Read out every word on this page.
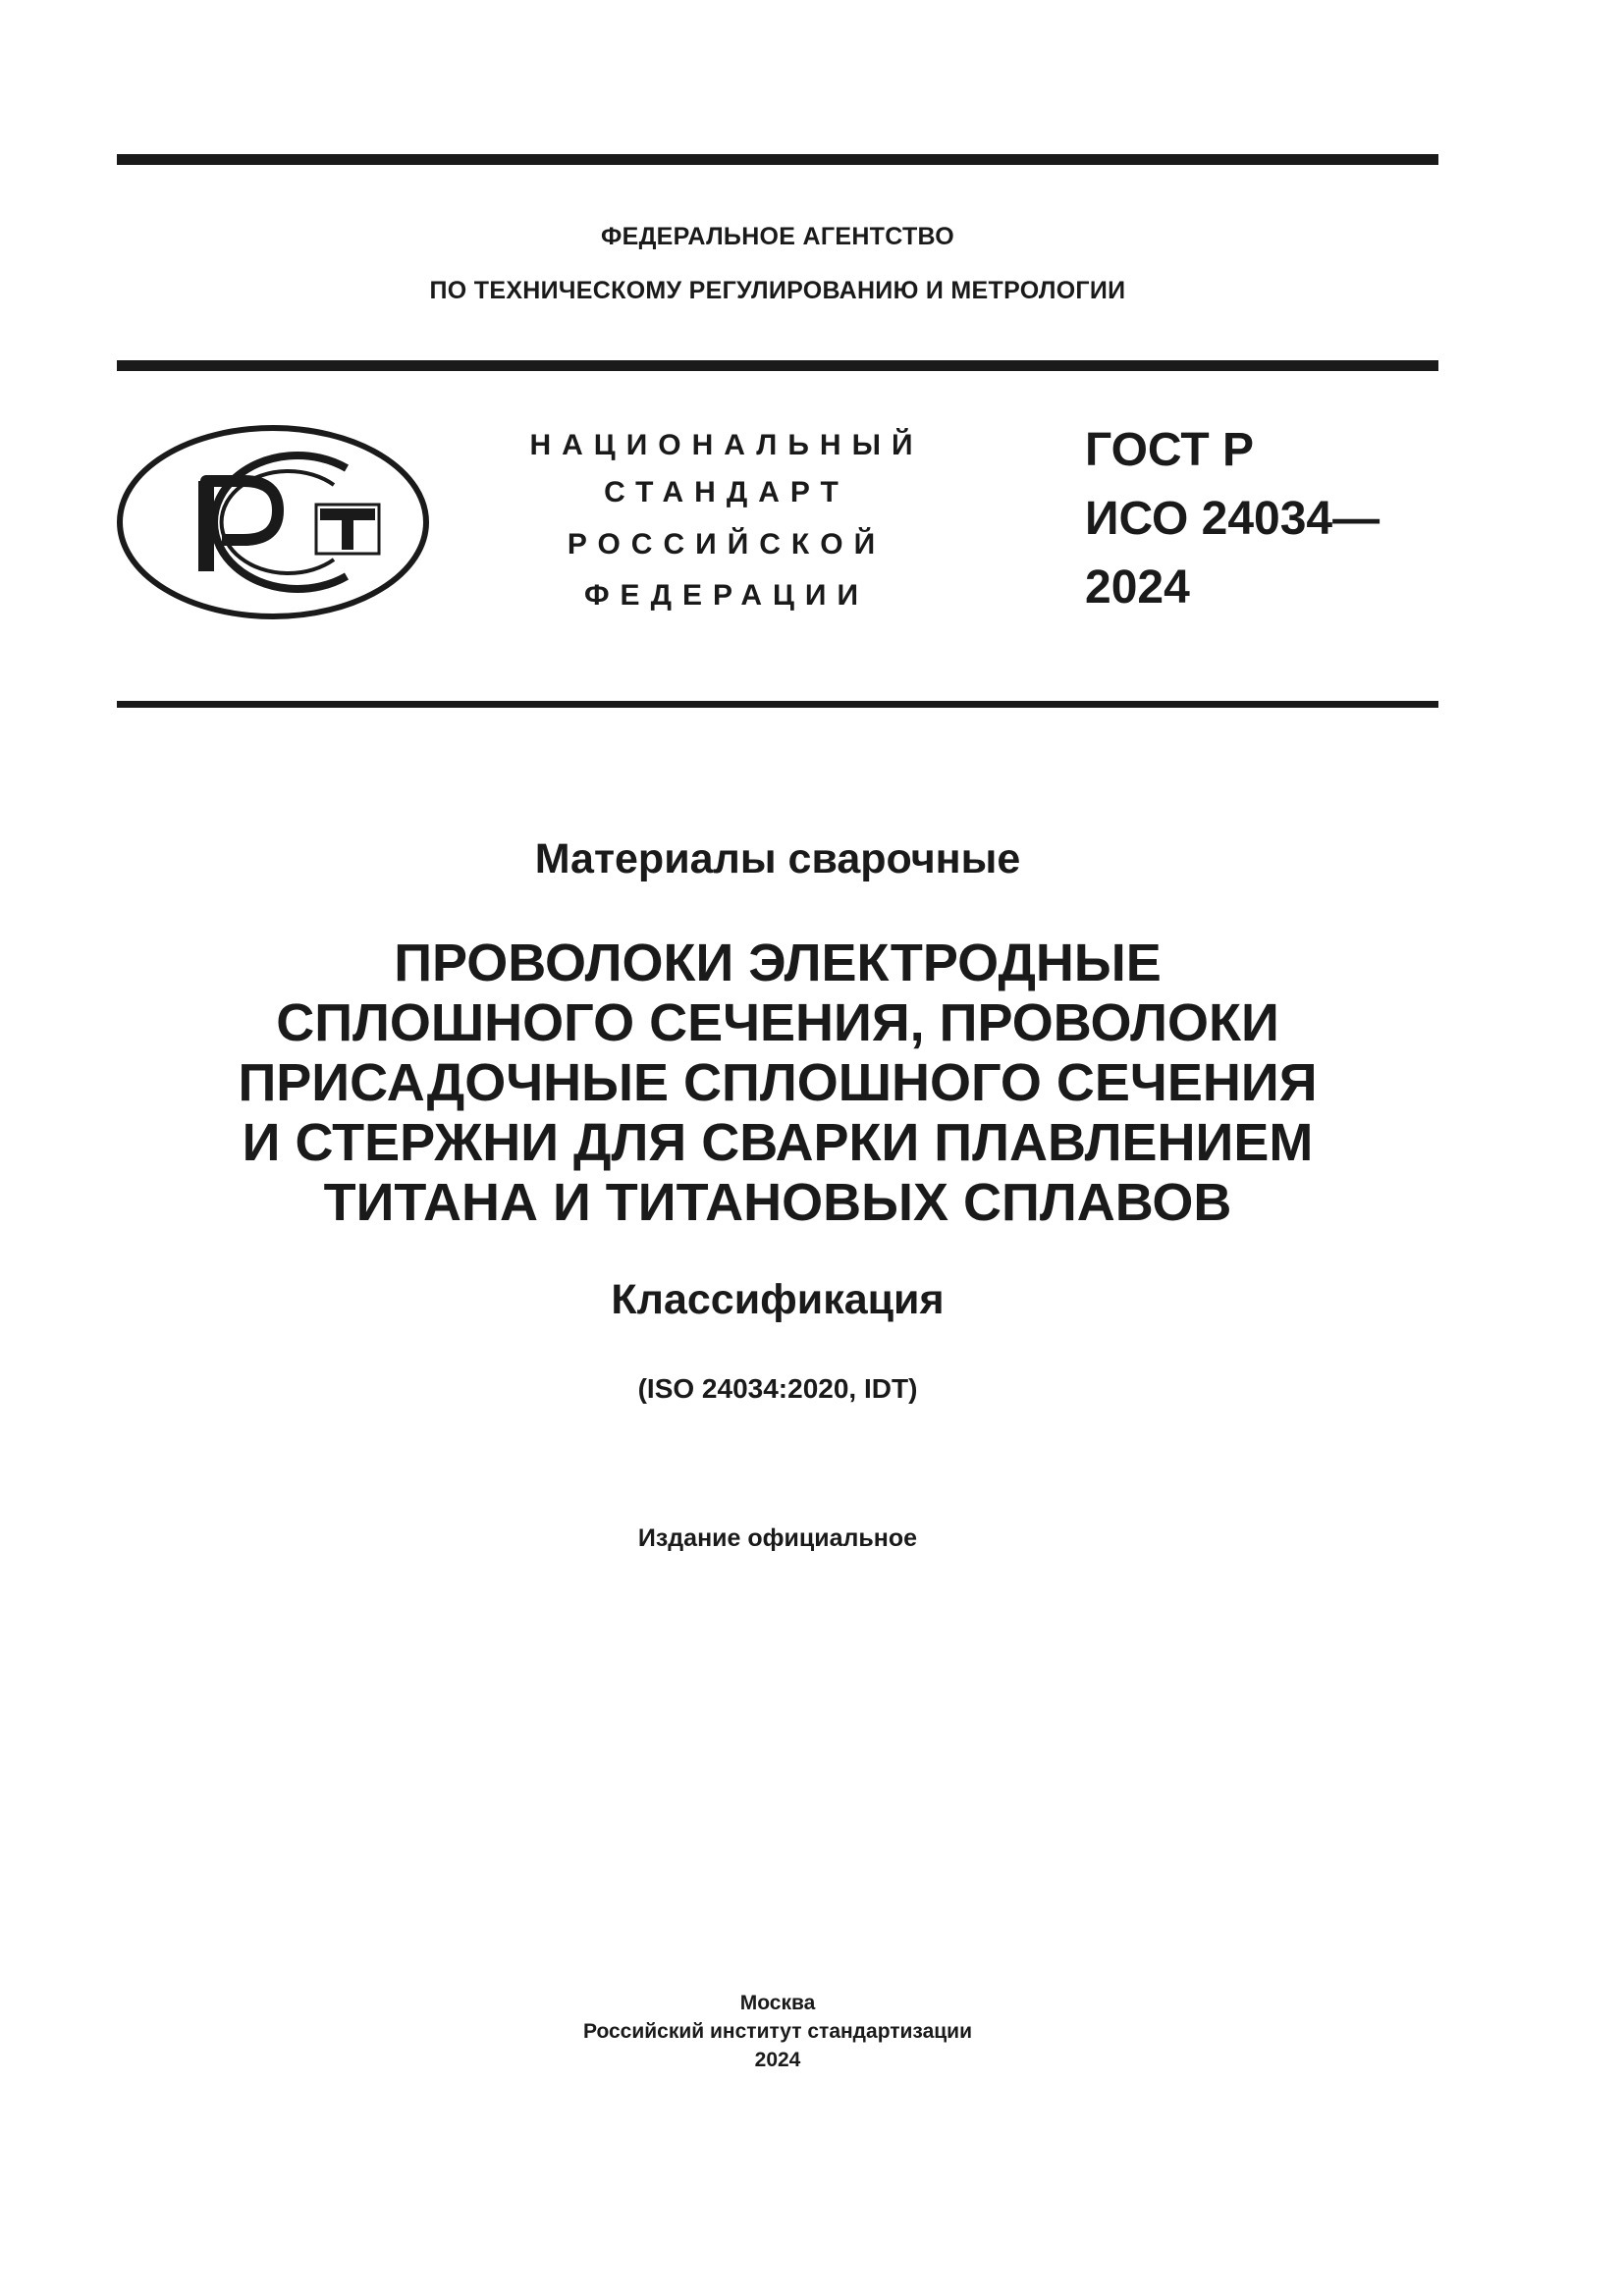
ФЕДЕРАЛЬНОЕ АГЕНТСТВО
ПО ТЕХНИЧЕСКОМУ РЕГУЛИРОВАНИЮ И МЕТРОЛОГИИ
НАЦИОНАЛЬНЫЙ
СТАНДАРТ
РОССИЙСКОЙ
ФЕДЕРАЦИИ
ГОСТ Р
ИСО 24034—
2024
Материалы сварочные
ПРОВОЛОКИ ЭЛЕКТРОДНЫЕ
СПЛОШНОГО СЕЧЕНИЯ, ПРОВОЛОКИ
ПРИСАДОЧНЫЕ СПЛОШНОГО СЕЧЕНИЯ
И СТЕРЖНИ ДЛЯ СВАРКИ ПЛАВЛЕНИЕМ
ТИТАНА И ТИТАНОВЫХ СПЛАВОВ
Классификация
(ISO 24034:2020, IDT)
Издание официальное
Москва
Российский институт стандартизации
2024
